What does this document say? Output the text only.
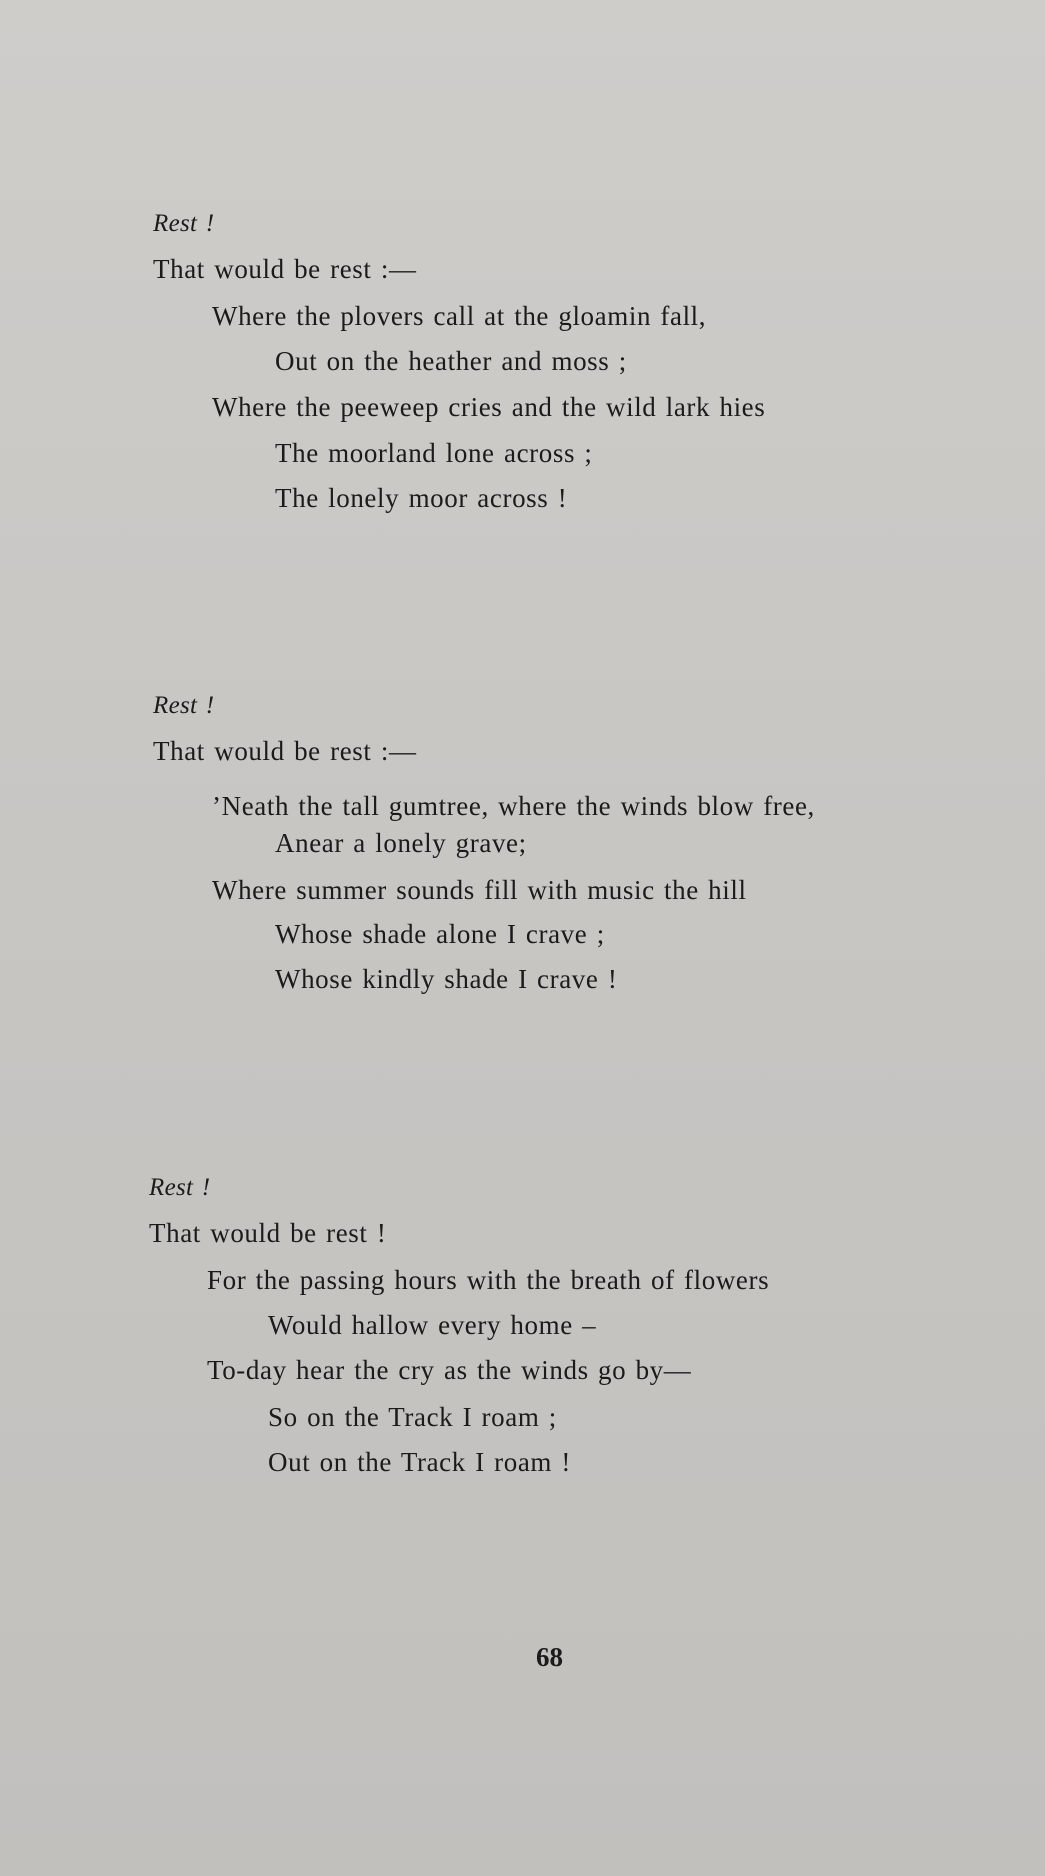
Rest !
That would be rest :—
Where the plovers call at the gloamin fall,
Out on the heather and moss ;
Where the peeweep cries and the wild lark hies
The moorland lone across ;
The lonely moor across !
Rest !
That would be rest :—
’Neath the tall gumtree, where the winds blow free,
Anear a lonely grave;
Where summer sounds fill with music the hill
Whose shade alone I crave ;
Whose kindly shade I crave !
Rest !
That would be rest !
For the passing hours with the breath of flowers
Would hallow every home –
To-day hear the cry as the winds go by—
So on the Track I roam ;
Out on the Track I roam !
68
